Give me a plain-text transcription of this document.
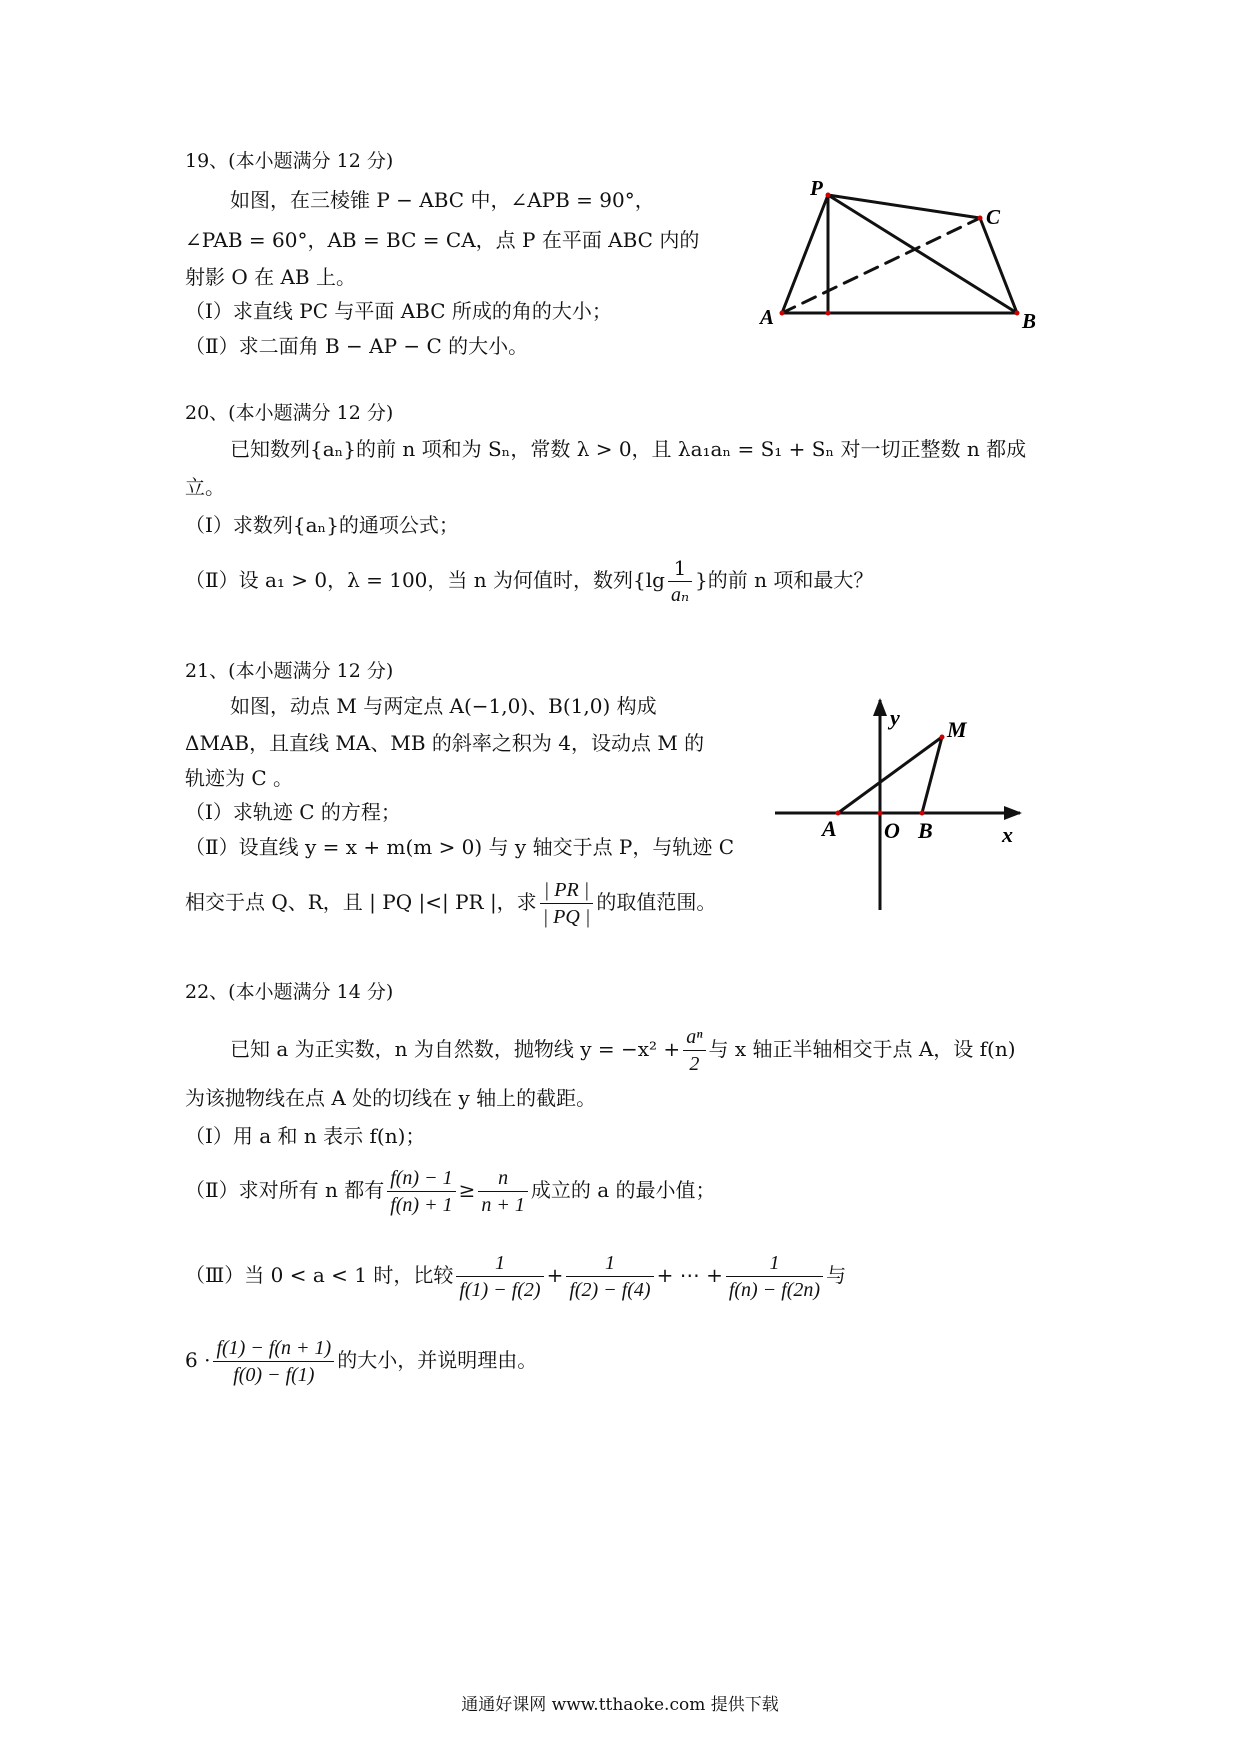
19、(本小题满分 12 分)
如图，在三棱锥 P − ABC 中，∠APB = 90°，
∠PAB = 60°，AB = BC = CA，点 P 在平面 ABC 内的
射影 O 在 AB 上。
（Ⅰ）求直线 PC 与平面 ABC 所成的角的大小；
（Ⅱ）求二面角 B − AP − C 的大小。
P
C
A	B
20、(本小题满分 12 分)
已知数列{aₙ}的前 n 项和为 Sₙ，常数 λ > 0，且 λa₁aₙ = S₁ + Sₙ 对一切正整数 n 都成
立。
（Ⅰ）求数列{aₙ}的通项公式；
（Ⅱ）设 a₁ > 0，λ = 100，当 n 为何值时，数列{$\lg \frac{1}{\text{aₙ}}$ }的前 n 项和最大？
21、(本小题满分 12 分)
如图，动点 M 与两定点 A(−1,0)、B(1,0) 构成
ΔMAB，且直线 MA、MB 的斜率之积为 4，设动点 M 的
轨迹为 C 。
（Ⅰ）求轨迹 C 的方程；
（Ⅱ）设直线 y = x + m(m > 0) 与 y 轴交于点 P，与轨迹 C
相交于点 Q、R，且 | PQ |<| PR |，求 $\frac{| PR |}{| PQ |}$ 的取值范围。
y M
A O B	x
22、(本小题满分 14 分)
已知 a 为正实数，n 为自然数，抛物线 $y = -x^2 + \frac{\text{aⁿ}}{2}$ 与 x 轴正半轴相交于点 A，设 f(n)
为该抛物线在点 A 处的切线在 y 轴上的截距。
（Ⅰ）用 a 和 n 表示 f(n)；
（Ⅱ）求对所有 n 都有 $\frac{f(n) - 1}{f(n) + 1} \ge \frac{n}{n + 1}$ 成立的 a 的最小值；
（Ⅲ）当 0 < a < 1 时，比较 $\frac{1}{f(1) - f(2)} + \frac{1}{f(2) - f(4)}$ + ⋯ + $\frac{1}{f(n) - f(2n)}$ 与
$6 \cdot \frac{f(1) - f(n + 1)}{f(0) - f(1)}$ 的大小，并说明理由。
通通好课网 www.tthaoke.com 提供下载
